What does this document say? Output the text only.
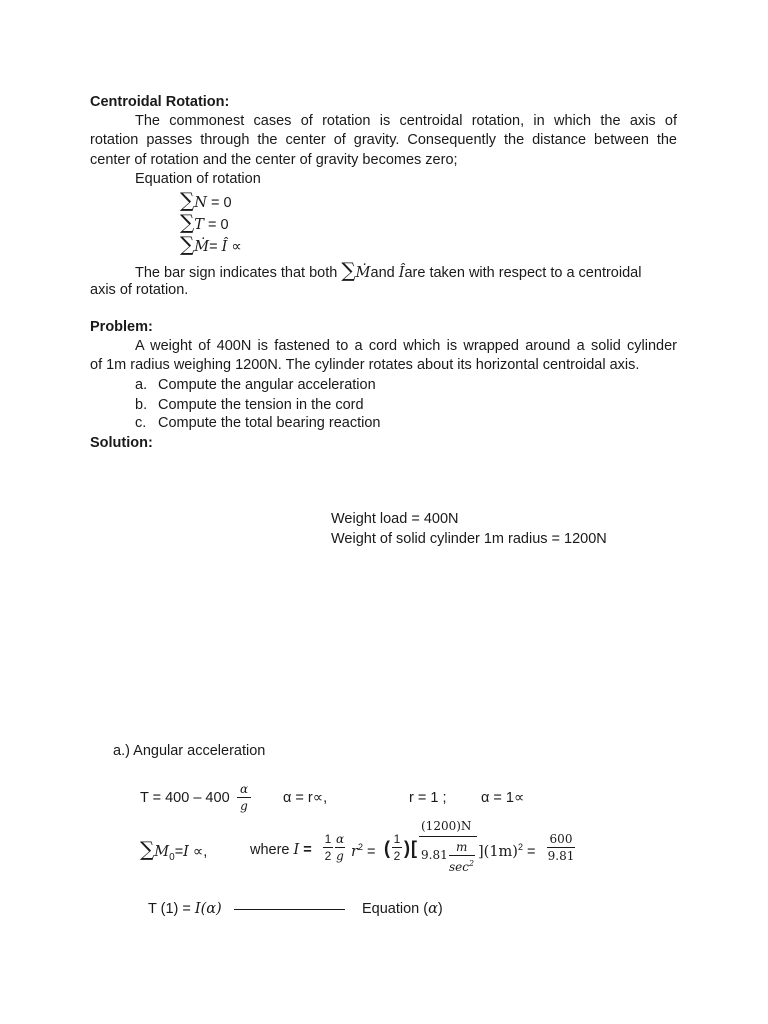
Centroidal Rotation:
The commonest cases of rotation is centroidal rotation, in which the axis of
rotation passes through the center of gravity. Consequently the distance between the
center of rotation and the center of gravity becomes zero;
Equation of rotation
∑N = 0
∑T = 0
∑Ṁ= Î ∝
The bar sign indicates that both ∑Ṁand Îare taken with respect to a centroidal
axis of rotation.
Problem:
A weight of 400N is fastened to a cord which is wrapped around a solid cylinder
of 1m radius weighing 1200N. The cylinder rotates about its horizontal centroidal axis.
a. Compute the angular acceleration
b. Compute the tension in the cord
c. Compute the total bearing reaction
Solution:
Weight load = 400N
Weight of solid cylinder 1m radius = 1200N
a.) Angular acceleration
T = 400 – 400
α
g α = r∝,	r = 1 ; α = 1∝
$\sum M_0=I$ ∝,	where I =
1
2
α
g $r^2$ = ( 1
2 ) [
(1200)N
9.81
m
$\sec^2$
]$(1m)^2$ =
600
9.81
T (1) = I(α)	Equation (α)
